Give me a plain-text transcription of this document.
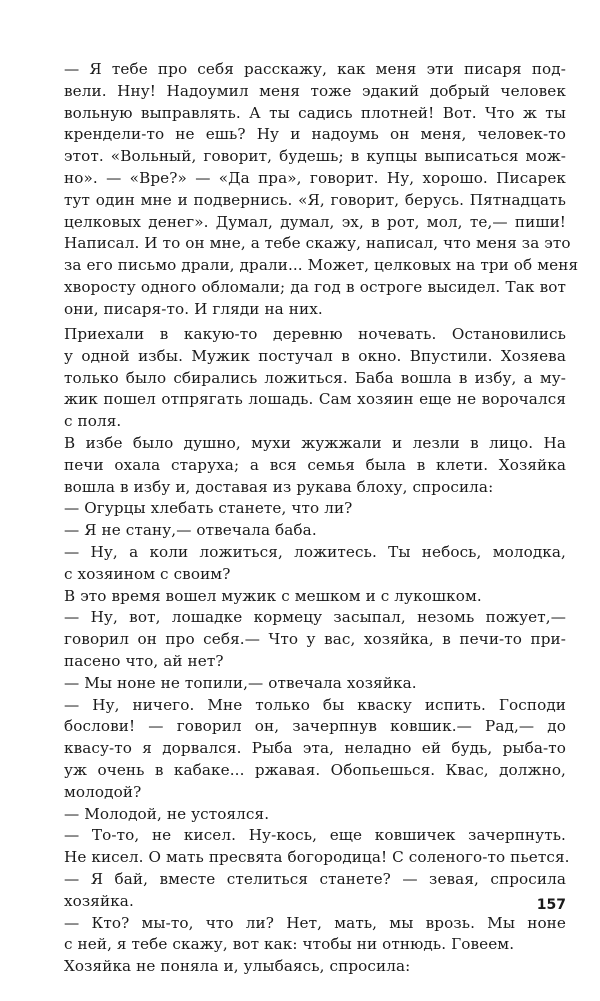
— Я тебе про себя расскажу, как меня эти писаря под-
вели. Нну! Надоумил меня тоже эдакий добрый человек
вольную выправлять. А ты садись плотней! Вот. Что ж ты
крендели-то не ешь? Ну и надоумь он меня, человек-то
этот. «Вольный, говорит, будешь; в купцы выписаться мож-
но». — «Вре?» — «Да пра», говорит. Ну, хорошо. Писарек
тут один мне и подвернись. «Я, говорит, берусь. Пятнадцать
целковых денег». Думал, думал, эх, в рот, мол, те,— пиши!
Написал. И то он мне, а тебе скажу, написал, что меня за это
за его письмо драли, драли... Может, целковых на три об меня
хворосту одного обломали; да год в остроге высидел. Так вот
они, писаря-то. И гляди на них.
Приехали в какую-то деревню ночевать. Остановились
у одной избы. Мужик постучал в окно. Впустили. Хозяева
только было сбирались ложиться. Баба вошла в избу, а му-
жик пошел отпрягать лошадь. Сам хозяин еще не ворочался
с поля.
В избе было душно, мухи жужжали и лезли в лицо. На
печи охала старуха; а вся семья была в клети. Хозяйка
вошла в избу и, доставая из рукава блоху, спросила:
— Огурцы хлебать станете, что ли?
— Я не стану,— отвечала баба.
— Ну, а коли ложиться, ложитесь. Ты небось, молодка,
с хозяином с своим?
В это время вошел мужик с мешком и с лукошком.
— Ну, вот, лошадке кормецу засыпал, незомь пожует,—
говорил он про себя.— Что у вас, хозяйка, в печи-то при-
пасено что, ай нет?
— Мы ноне не топили,— отвечала хозяйка.
— Ну, ничего. Мне только бы кваску испить. Господи
бослови! — говорил он, зачерпнув ковшик.— Рад,— до
квасу-то я дорвался. Рыба эта, неладно ей будь, рыба-то
уж очень в кабаке... ржавая. Обопьешься. Квас, должно,
молодой?
— Молодой, не устоялся.
— То-то, не кисел. Ну-кось, еще ковшичек зачерпнуть.
Не кисел. О мать пресвята богородица! С соленого-то пьется.
— Я бай, вместе стелиться станете? — зевая, спросила
хозяйка.
— Кто? мы-то, что ли? Нет, мать, мы врозь. Мы ноне
с ней, я тебе скажу, вот как: чтобы ни отнюдь. Говеем.
Хозяйка не поняла и, улыбаясь, спросила:
157
